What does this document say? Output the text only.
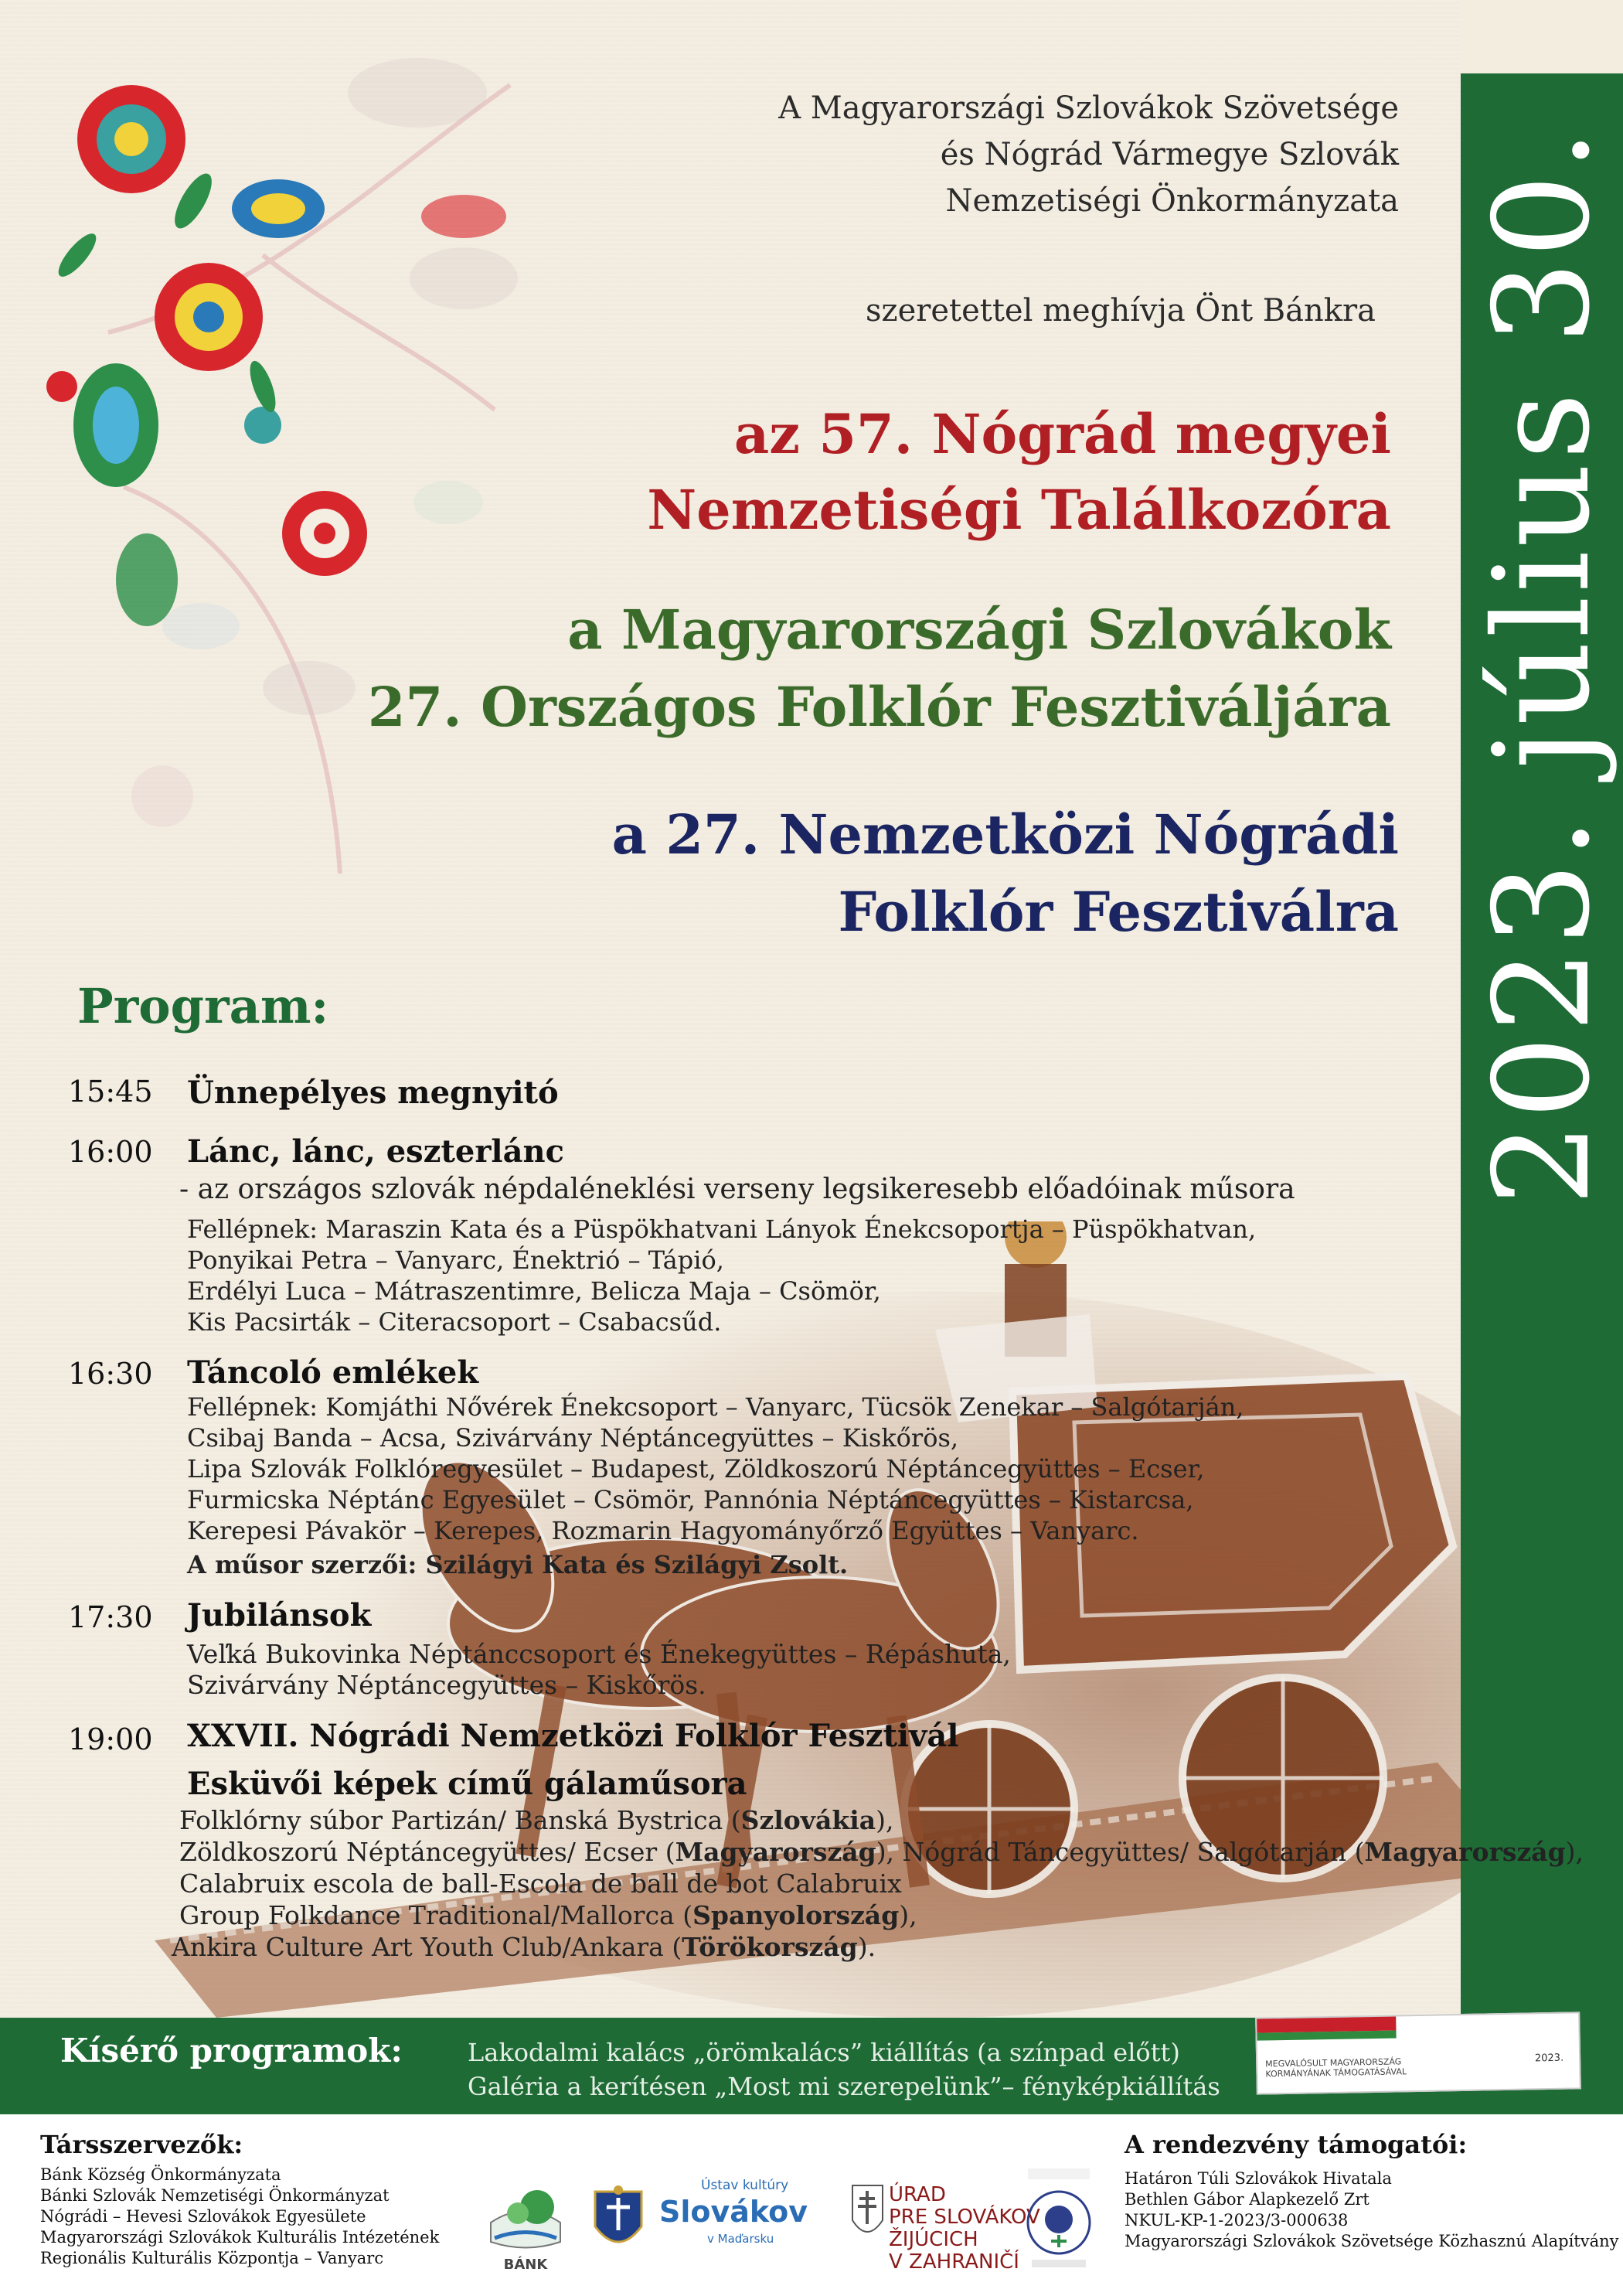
A Magyarországi Szlovákok Szövetsége
és Nógrád Vármegye Szlovák
Nemzetiségi Önkormányzata
szeretettel meghívja Önt Bánkra
az 57. Nógrád megyei
Nemzetiségi Találkozóra
a Magyarországi Szlovákok
27. Országos Folklór Fesztiváljára
a 27. Nemzetközi Nógrádi
Folklór Fesztiválra 2023. július 30.
Program:
15:45 Ünnepélyes megnyitó
16:00 Lánc, lánc, eszterlánc
- az országos szlovák népdaléneklési verseny legsikeresebb előadóinak műsora
Fellépnek: Maraszin Kata és a Püspökhatvani Lányok Énekcsoportja – Püspökhatvan,
Ponyikai Petra – Vanyarc, Énektrió – Tápió,
Erdélyi Luca – Mátraszentimre, Belicza Maja – Csömör,
Kis Pacsirták – Citeracsoport – Csabacsűd.
16:30 Táncoló emlékek
Fellépnek: Komjáthi Nővérek Énekcsoport – Vanyarc, Tücsök Zenekar – Salgótarján,
Csibaj Banda – Acsa, Szivárvány Néptáncegyüttes – Kiskőrös,
Lipa Szlovák Folklóregyesület – Budapest, Zöldkoszorú Néptáncegyüttes – Ecser,
Furmicska Néptánc Egyesület – Csömör, Pannónia Néptáncegyüttes – Kistarcsa,
Kerepesi Pávakör – Kerepes, Rozmarin Hagyományőrző Együttes – Vanyarc.
A műsor szerzői: Szilágyi Kata és Szilágyi Zsolt.
17:30 Jubilánsok
Veľká Bukovinka Néptánccsoport és Énekegyüttes – Répáshuta,
Szivárvány Néptáncegyüttes – Kiskőrös.
19:00 XXVII. Nógrádi Nemzetközi Folklór Fesztivál
Esküvői képek című gálaműsora
Folklórny súbor Partizán/ Banská Bystrica (Szlovákia),
Zöldkoszorú Néptáncegyüttes/ Ecser (Magyarország), Nógrád Táncegyüttes/ Salgótarján (Magyarország),
Calabruix escola de ball-Escola de ball de bot Calabruix
Group Folkdance Traditional/Mallorca (Spanyolország),
Ankira Culture Art Youth Club/Ankara (Törökország).
Kísérő programok:	Lakodalmi kalács „örömkalács” kiállítás (a színpad előtt)
Galéria a kerítésen „Most mi szerepelünk”– fényképkiállítás
MEGVALÓSULT MAGYARORSZÁG
KORMÁNYÁNAK TÁMOGATÁSÁVAL
2023.
Társszervezők:
Bánk Község Önkormányzata
Bánki Szlovák Nemzetiségi Önkormányzat
Nógrádi – Hevesi Szlovákok Egyesülete
Magyarországi Szlovákok Kulturális Intézetének
Regionális Kulturális Központja – Vanyarc	BÁNK
Ústav kultúry
Slovákov
v Maďarsku
ÚRAD
PRE SLOVÁKOV
ŽIJÚCICH
V ZAHRANIČÍ
A rendezvény támogatói:
Határon Túli Szlovákok Hivatala
Bethlen Gábor Alapkezelő Zrt
NKUL-KP-1-2023/3-000638
Magyarországi Szlovákok Szövetsége Közhasznú Alapítvány
